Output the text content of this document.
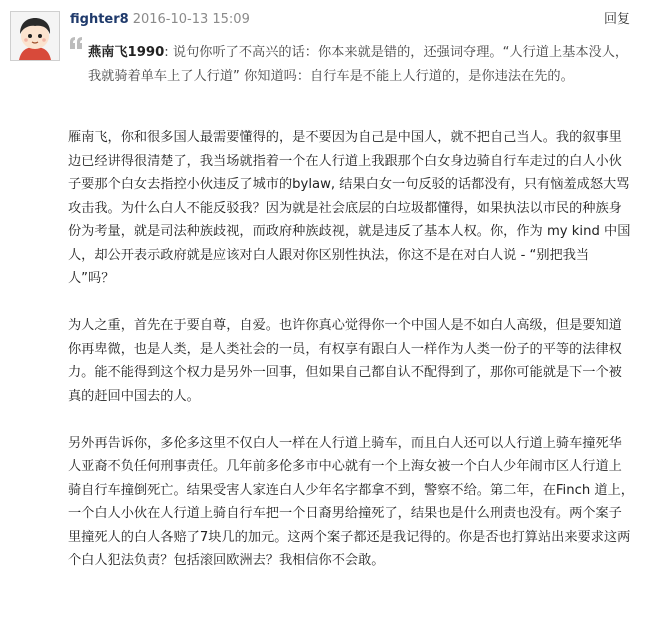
fighter8 2016-10-13 15:09	回复
燕南飞1990: 说句你听了不高兴的话：你本来就是错的，还强词夺理。“人行道上基本没人，我就骑着单车上了人行道” 你知道吗：自行车是不能上人行道的，是你违法在先的。

雁南飞，你和很多国人最需要懂得的，是不要因为自己是中国人，就不把自己当人。我的叙事里边已经讲得很清楚了，我当场就指着一个在人行道上我跟那个白女身边骑自行车走过的白人小伙子要那个白女去指控小伙违反了城市的bylaw, 结果白女一句反驳的话都没有，只有恼羞成怒大骂攻击我。为什么白人不能反驳我？因为就是社会底层的白垃圾都懂得，如果执法以市民的种族身份为考量，就是司法种族歧视，而政府种族歧视，就是违反了基本人权。你，作为 my kind 中国人，却公开表示政府就是应该对白人跟对你区别性执法，你这不是在对白人说 - “别把我当人”吗？

为人之重，首先在于要自尊，自爱。也许你真心觉得你一个中国人是不如白人高级，但是要知道你再卑微，也是人类，是人类社会的一员，有权享有跟白人一样作为人类一份子的平等的法律权力。能不能得到这个权力是另外一回事，但如果自己都自认不配得到了，那你可能就是下一个被真的赶回中国去的人。

另外再告诉你，多伦多这里不仅白人一样在人行道上骑车，而且白人还可以人行道上骑车撞死华人亚裔不负任何刑事责任。几年前多伦多市中心就有一个上海女被一个白人少年闹市区人行道上骑自行车撞倒死亡。结果受害人家连白人少年名字都拿不到，警察不给。第二年，在Finch 道上，一个白人小伙在人行道上骑自行车把一个日裔男给撞死了，结果也是什么刑责也没有。两个案子里撞死人的白人各赔了7块几的加元。这两个案子都还是我记得的。你是否也打算站出来要求这两个白人犯法负责？包括滚回欧洲去？我相信你不会敢。
